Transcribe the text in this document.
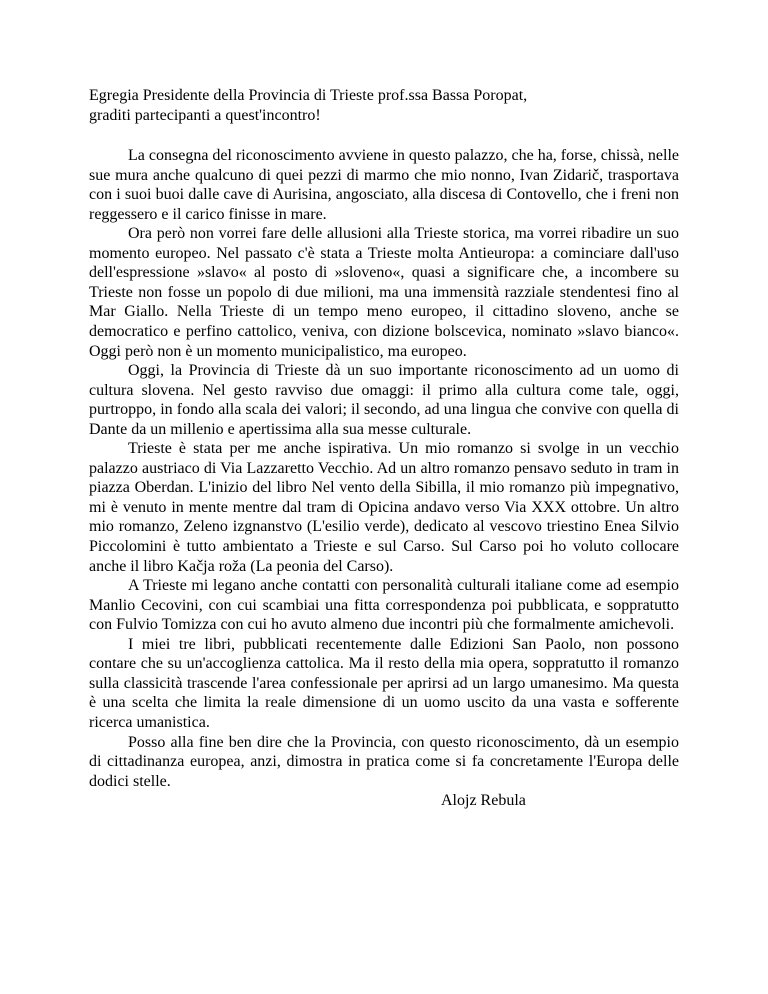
Egregia Presidente della Provincia di Trieste prof.ssa Bassa Poropat,

graditi partecipanti a quest'incontro!

La consegna del riconoscimento avviene in questo palazzo, che ha, forse, chissà, nelle sue mura anche qualcuno di quei pezzi di marmo che mio nonno, Ivan Zidarič, trasportava con i suoi buoi dalle cave di Aurisina, angosciato, alla discesa di Contovello, che i freni non reggessero e il carico finisse in mare.

Ora però non vorrei fare delle allusioni alla Trieste storica, ma vorrei ribadire un suo momento europeo. Nel passato c'è stata a Trieste molta Antieuropa: a cominciare dall'uso dell'espressione »slavo« al posto di »sloveno«, quasi a significare che, a incombere su Trieste non fosse un popolo di due milioni, ma una immensità razziale stendentesi fino al Mar Giallo. Nella Trieste di un tempo meno europeo, il cittadino sloveno, anche se democratico e perfino cattolico, veniva, con dizione bolscevica, nominato »slavo bianco«. Oggi però non è un momento municipalistico, ma europeo.

Oggi, la Provincia di Trieste dà un suo importante riconoscimento ad un uomo di cultura slovena. Nel gesto ravviso due omaggi: il primo alla cultura come tale, oggi, purtroppo, in fondo alla scala dei valori; il secondo, ad una lingua che convive con quella di Dante da un millenio e apertissima alla sua messe culturale.

Trieste è stata per me anche ispirativa. Un mio romanzo si svolge in un vecchio palazzo austriaco di Via Lazzaretto Vecchio. Ad un altro romanzo pensavo seduto in tram in piazza Oberdan. L'inizio del libro Nel vento della Sibilla, il mio romanzo più impegnativo, mi è venuto in mente mentre dal tram di Opicina andavo verso Via XXX ottobre. Un altro mio romanzo, Zeleno izgnanstvo (L'esilio verde), dedicato al vescovo triestino Enea Silvio Piccolomini è tutto ambientato a Trieste e sul Carso. Sul Carso poi ho voluto collocare anche il libro Kačja roža (La peonia del Carso).

A Trieste mi legano anche contatti con personalità culturali italiane come ad esempio Manlio Cecovini, con cui scambiai una fitta correspondenza poi pubblicata, e soppratutto con Fulvio Tomizza con cui ho avuto almeno due incontri più che formalmente amichevoli.

I miei tre libri, pubblicati recentemente dalle Edizioni San Paolo, non possono contare che su un'accoglienza cattolica. Ma il resto della mia opera, soppratutto il romanzo sulla classicità trascende l'area confessionale per aprirsi ad un largo umanesimo. Ma questa è una scelta che limita la reale dimensione di un uomo uscito da una vasta e sofferente ricerca umanistica.

Posso alla fine ben dire che la Provincia, con questo riconoscimento, dà un esempio di cittadinanza europea, anzi, dimostra in pratica come si fa concretamente l'Europa delle dodici stelle.

Alojz Rebula
